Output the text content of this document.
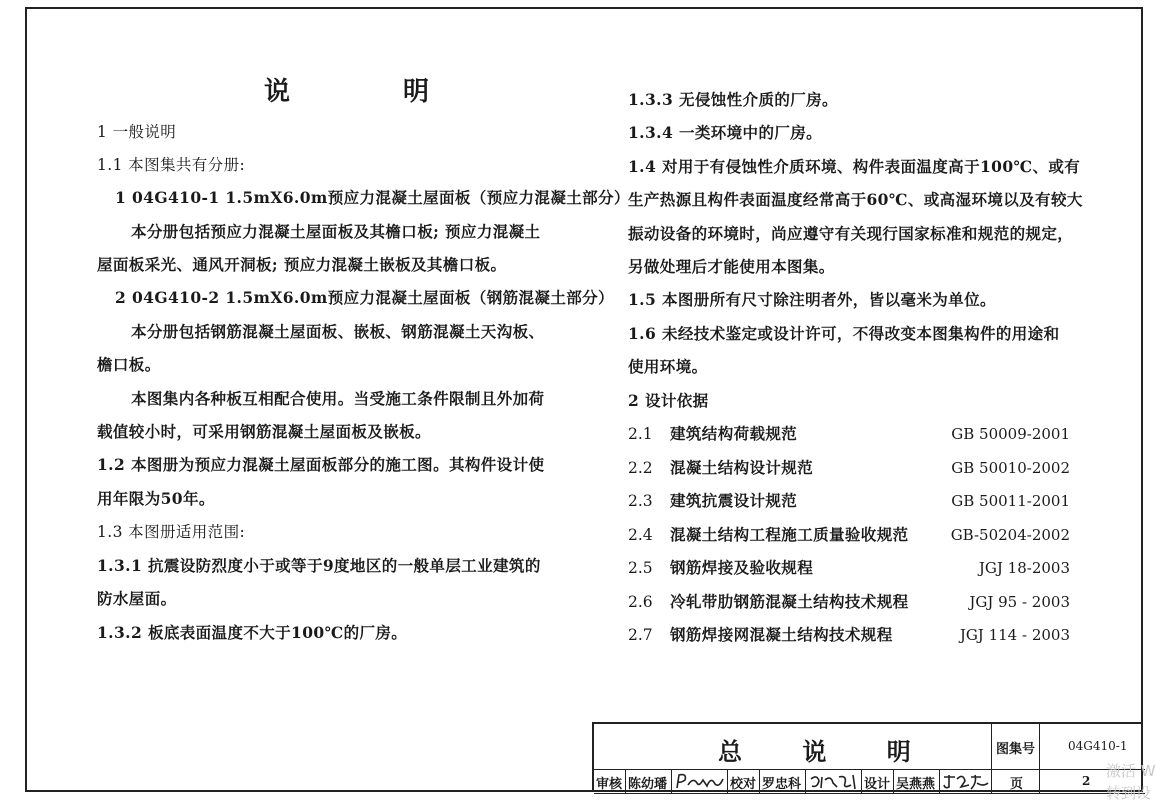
说 明
1 一般说明
1.1 本图集共有分册:
1 04G410-1 1.5mX6.0m预应力混凝土屋面板（预应力混凝土部分）
本分册包括预应力混凝土屋面板及其檐口板; 预应力混凝土
屋面板采光、通风开洞板; 预应力混凝土嵌板及其檐口板。
2 04G410-2 1.5mX6.0m预应力混凝土屋面板（钢筋混凝土部分）
本分册包括钢筋混凝土屋面板、嵌板、钢筋混凝土天沟板、
檐口板。
本图集内各种板互相配合使用。当受施工条件限制且外加荷
载值较小时，可采用钢筋混凝土屋面板及嵌板。
1.2 本图册为预应力混凝土屋面板部分的施工图。其构件设计使
用年限为50年。
1.3 本图册适用范围:
1.3.1 抗震设防烈度小于或等于9度地区的一般单层工业建筑的
防水屋面。
1.3.2 板底表面温度不大于100℃的厂房。
1.3.3 无侵蚀性介质的厂房。
1.3.4 一类环境中的厂房。
1.4 对用于有侵蚀性介质环境、构件表面温度高于100℃、或有
生产热源且构件表面温度经常高于60℃、或高湿环境以及有较大
振动设备的环境时，尚应遵守有关现行国家标准和规范的规定，
另做处理后才能使用本图集。
1.5 本图册所有尺寸除注明者外，皆以毫米为单位。
1.6 未经技术鉴定或设计许可，不得改变本图集构件的用途和
使用环境。
2 设计依据
2.1 建筑结构荷载规范	GB 50009-2001
2.2 混凝土结构设计规范	GB 50010-2002
2.3 建筑抗震设计规范	GB 50011-2001
2.4 混凝土结构工程施工质量验收规范	GB-50204-2002
2.5 钢筋焊接及验收规程	JGJ 18-2003
2.6 冷轧带肋钢筋混凝土结构技术规程	JGJ 95 - 2003
2.7 钢筋焊接网混凝土结构技术规程	JGJ 114 - 2003
总 说 明	图集号	04G410-1
审核 陈幼璠	校对 罗忠科	设计 吴燕燕	页	2
激活 W
转到设
